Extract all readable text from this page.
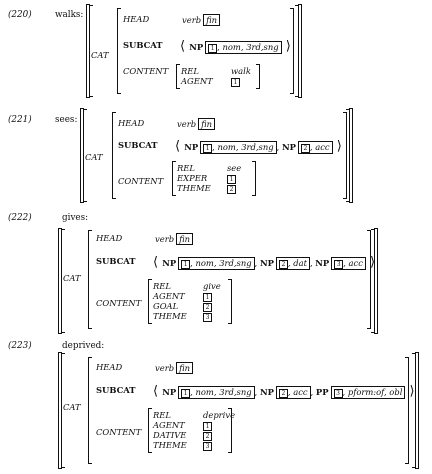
(220)	walks:
CAT
HEAD	verb fin
SUBCAT ⟨ NP 1 , nom, 3rd,sng ⟩
CONTENT REL	walk
AGENT	1
(221)	sees:
CAT
HEAD	verb fin
SUBCAT ⟨ NP 1 , nom, 3rd,sng , NP 2 , acc ⟩
CONTENT
REL	see
EXPER	1
THEME	2
(222)	gives:
CAT
HEAD	verb fin
SUBCAT ⟨ NP 1 , nom, 3rd,sng , NP 2 , dat , NP 3 , acc ⟩
CONTENT
REL	give
AGENT	1
GOAL	2
THEME	3
(223)	deprived:
CAT
HEAD	verb fin
SUBCAT ⟨ NP 1 , nom, 3rd,sng , NP 2 , acc , PP 3 , pform:of, obl ⟩
CONTENT
REL	deprive
AGENT	1
DATIVE	2
THEME	3
